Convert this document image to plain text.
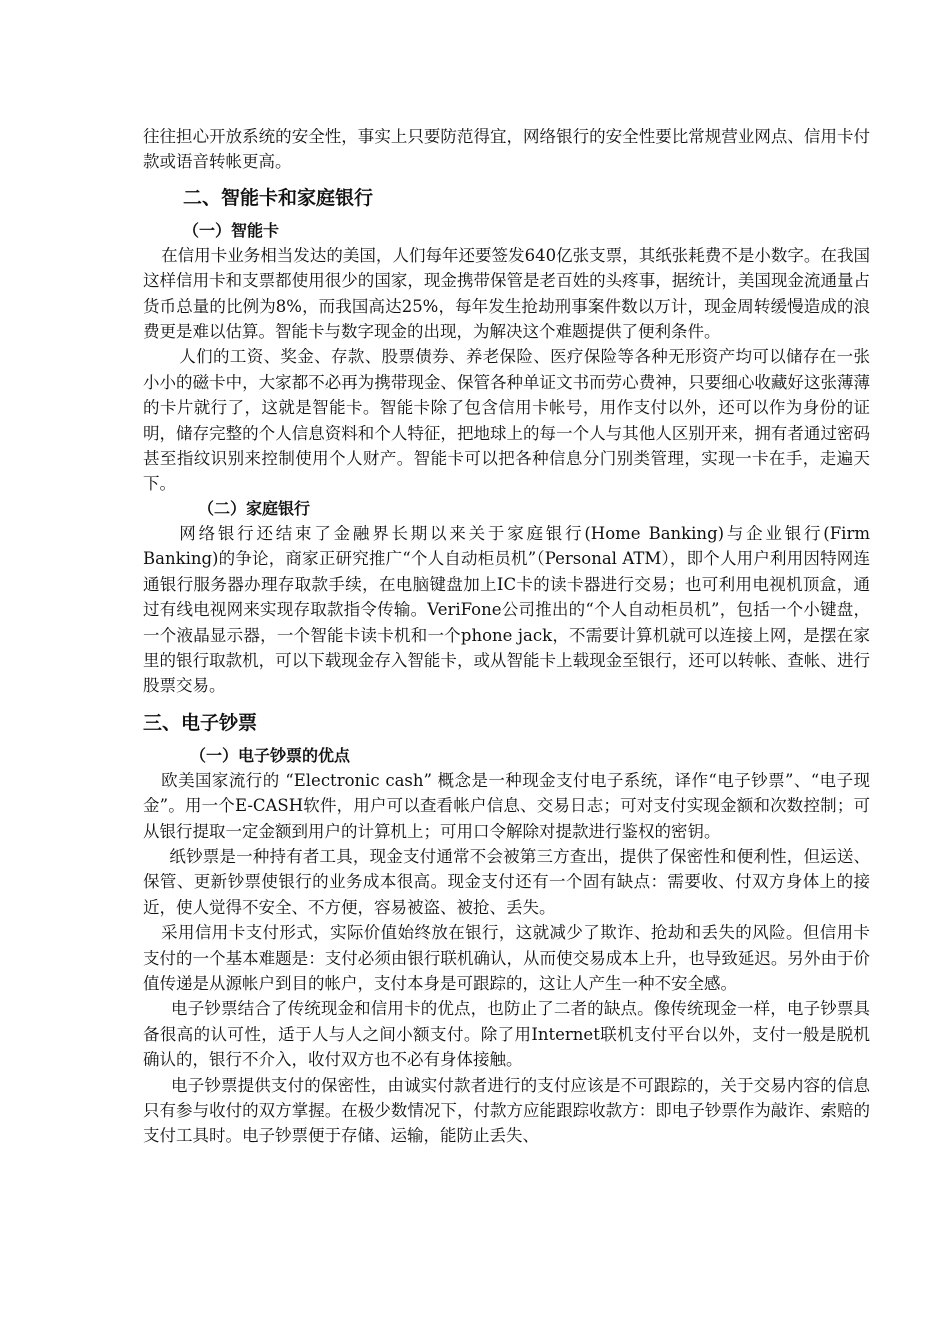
往往担心开放系统的安全性，事实上只要防范得宜，网络银行的安全性要比常规营业网点、信用卡付款或语音转帐更高。

二、智能卡和家庭银行

（一）智能卡

在信用卡业务相当发达的美国，人们每年还要签发640亿张支票，其纸张耗费不是小数字。在我国这样信用卡和支票都使用很少的国家，现金携带保管是老百姓的头疼事，据统计，美国现金流通量占货币总量的比例为8%，而我国高达25%，每年发生抢劫刑事案件数以万计，现金周转缓慢造成的浪费更是难以估算。智能卡与数字现金的出现，为解决这个难题提供了便利条件。

人们的工资、奖金、存款、股票债券、养老保险、医疗保险等各种无形资产均可以储存在一张小小的磁卡中，大家都不必再为携带现金、保管各种单证文书而劳心费神，只要细心收藏好这张薄薄的卡片就行了，这就是智能卡。智能卡除了包含信用卡帐号，用作支付以外，还可以作为身份的证明，储存完整的个人信息资料和个人特征，把地球上的每一个人与其他人区别开来，拥有者通过密码甚至指纹识别来控制使用个人财产。智能卡可以把各种信息分门别类管理，实现一卡在手，走遍天下。

（二）家庭银行

网络银行还结束了金融界长期以来关于家庭银行(Home Banking)与企业银行(Firm Banking)的争论，商家正研究推广“个人自动柜员机”（Personal ATM），即个人用户利用因特网连通银行服务器办理存取款手续，在电脑键盘加上IC卡的读卡器进行交易；也可利用电视机顶盒，通过有线电视网来实现存取款指令传输。VeriFone公司推出的“个人自动柜员机”，包括一个小键盘，一个液晶显示器，一个智能卡读卡机和一个phone jack，不需要计算机就可以连接上网，是摆在家里的银行取款机，可以下载现金存入智能卡，或从智能卡上载现金至银行，还可以转帐、查帐、进行股票交易。

三、电子钞票

（一）电子钞票的优点

欧美国家流行的 “Electronic cash” 概念是一种现金支付电子系统，译作“电子钞票”、“电子现金”。用一个E-CASH软件，用户可以查看帐户信息、交易日志；可对支付实现金额和次数控制；可从银行提取一定金额到用户的计算机上；可用口令解除对提款进行鉴权的密钥。

纸钞票是一种持有者工具，现金支付通常不会被第三方查出，提供了保密性和便利性，但运送、保管、更新钞票使银行的业务成本很高。现金支付还有一个固有缺点：需要收、付双方身体上的接近，使人觉得不安全、不方便，容易被盗、被抢、丢失。

采用信用卡支付形式，实际价值始终放在银行，这就减少了欺诈、抢劫和丢失的风险。但信用卡支付的一个基本难题是：支付必须由银行联机确认，从而使交易成本上升，也导致延迟。另外由于价值传递是从源帐户到目的帐户，支付本身是可跟踪的，这让人产生一种不安全感。

电子钞票结合了传统现金和信用卡的优点，也防止了二者的缺点。像传统现金一样，电子钞票具备很高的认可性，适于人与人之间小额支付。除了用Internet联机支付平台以外，支付一般是脱机确认的，银行不介入，收付双方也不必有身体接触。

电子钞票提供支付的保密性，由诚实付款者进行的支付应该是不可跟踪的，关于交易内容的信息只有参与收付的双方掌握。在极少数情况下，付款方应能跟踪收款方：即电子钞票作为敲诈、索赔的支付工具时。电子钞票便于存储、运输，能防止丢失、
